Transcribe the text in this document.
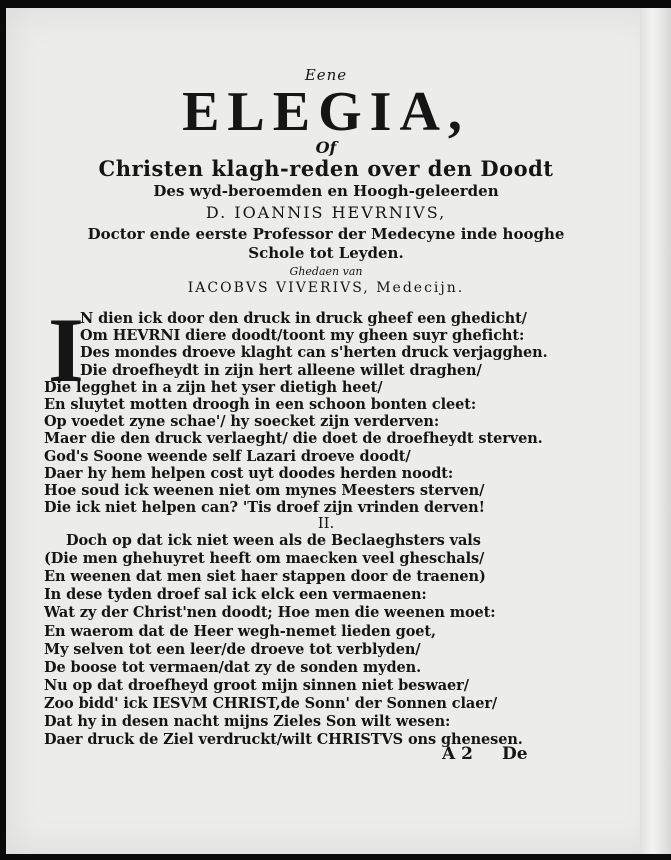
Eene
ELEGIA,
Of
Christen klagh-reden over den Doodt
Des wyd-beroemden en Hoogh-geleerden
D. IOANNIS HEVRNIVS,
Doctor ende eerste Professor der Medecyne inde hooghe
Schole tot Leyden.
Ghedaen van
IACOBVS VIVERIVS, Medecijn.
I
N dien ick door den druck in druck gheef een ghedicht/
Om HEVRNI diere doodt/toont my gheen suyr gheficht:
Des mondes droeve klaght can s'herten druck verjagghen.
Die droefheydt in zijn hert alleene willet draghen/
Die legghet in a zijn het yser dietigh heet/
En sluytet motten droogh in een schoon bonten cleet:
Op voedet zyne schae'/ hy soecket zijn verderven:
Maer die den druck verlaeght/ die doet de droefheydt sterven.
God's Soone weende self Lazari droeve doodt/
Daer hy hem helpen cost uyt doodes herden noodt:
Hoe soud ick weenen niet om mynes Meesters sterven/
Die ick niet helpen can? 'Tis droef zijn vrinden derven!
II.
Doch op dat ick niet ween als de Beclaeghsters vals
(Die men ghehuyret heeft om maecken veel gheschals/
En weenen dat men siet haer stappen door de traenen)
In dese tyden droef sal ick elck een vermaenen:
Wat zy der Christ'nen doodt; Hoe men die weenen moet:
En waerom dat de Heer wegh-nemet lieden goet,
My selven tot een leer/de droeve tot verblyden/
De boose tot vermaen/dat zy de sonden myden.
Nu op dat droefheyd groot mijn sinnen niet beswaer/
Zoo bidd' ick IESVM CHRIST,de Sonn' der Sonnen claer/
Dat hy in desen nacht mijns Zieles Son wilt wesen:
Daer druck de Ziel verdruckt/wilt CHRISTVS ons ghenesen.
A 2 De
